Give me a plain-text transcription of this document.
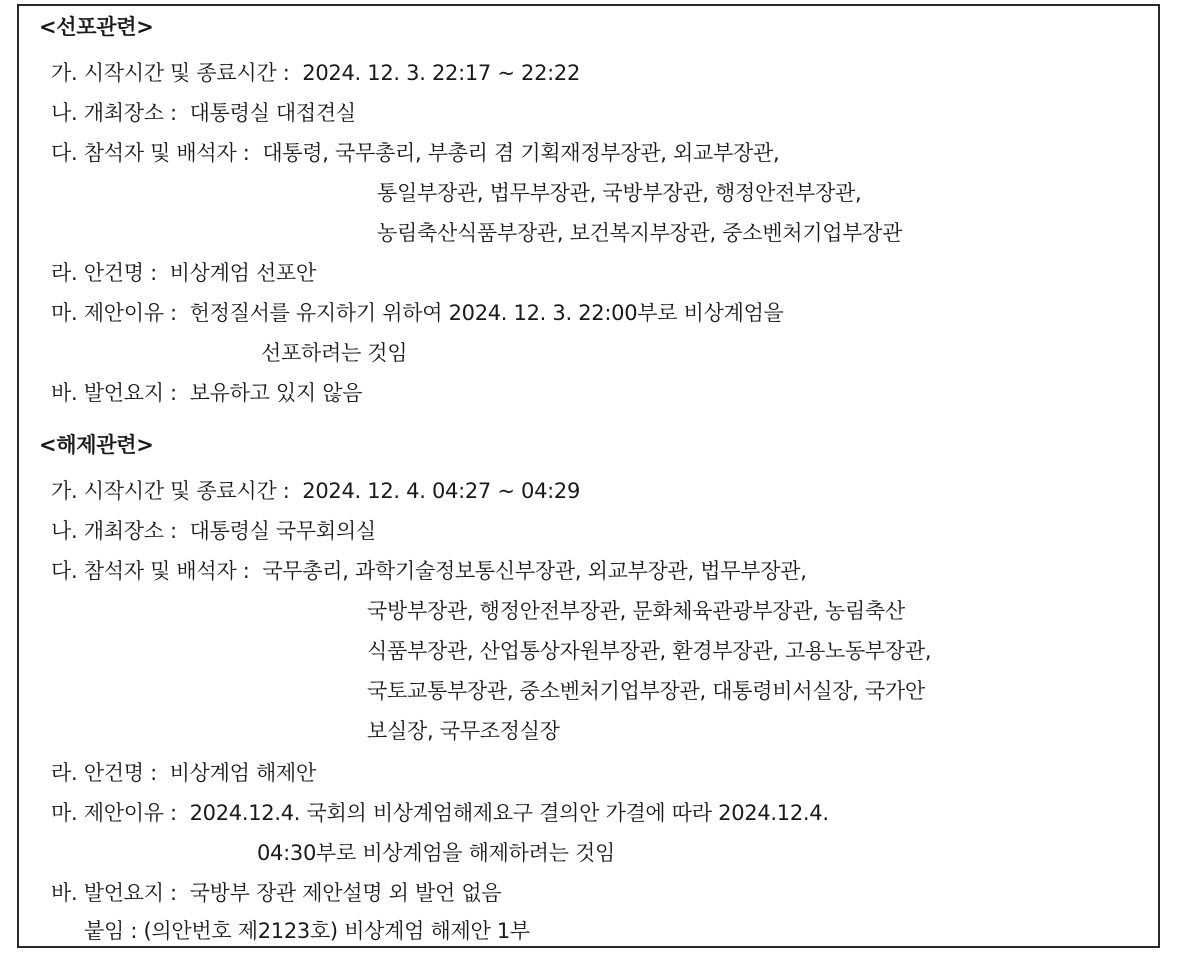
<선포관련>
가. 시작시간 및 종료시간 :  2024. 12. 3. 22:17 ~ 22:22
나. 개최장소 :  대통령실 대접견실
다. 참석자 및 배석자 :  대통령, 국무총리, 부총리 겸 기획재정부장관, 외교부장관,
통일부장관, 법무부장관, 국방부장관, 행정안전부장관,
농림축산식품부장관, 보건복지부장관, 중소벤처기업부장관
라. 안건명 :  비상계엄 선포안
마. 제안이유 :  헌정질서를 유지하기 위하여 2024. 12. 3. 22:00부로 비상계엄을
선포하려는 것임
바. 발언요지 :  보유하고 있지 않음
<해제관련>
가. 시작시간 및 종료시간 :  2024. 12. 4. 04:27 ~ 04:29
나. 개최장소 :  대통령실 국무회의실
다. 참석자 및 배석자 :  국무총리, 과학기술정보통신부장관, 외교부장관, 법무부장관,
국방부장관, 행정안전부장관, 문화체육관광부장관, 농림축산
식품부장관, 산업통상자원부장관, 환경부장관, 고용노동부장관,
국토교통부장관, 중소벤처기업부장관, 대통령비서실장, 국가안
보실장, 국무조정실장
라. 안건명 :  비상계엄 해제안
마. 제안이유 :  2024.12.4. 국회의 비상계엄해제요구 결의안 가결에 따라 2024.12.4.
04:30부로 비상계엄을 해제하려는 것임
바. 발언요지 :  국방부 장관 제안설명 외 발언 없음
붙임 : (의안번호 제2123호) 비상계엄 해제안 1부
